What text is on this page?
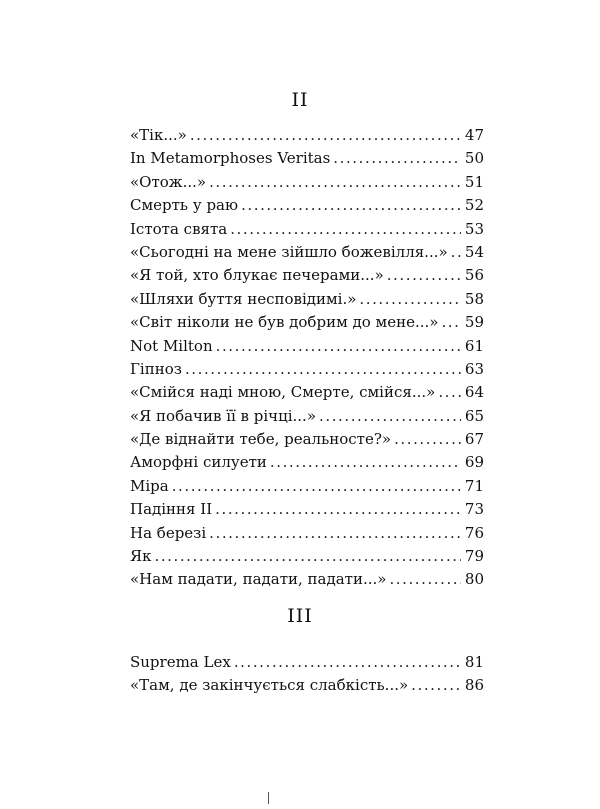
II
«Тік...» . . .	47
In Metamorphoses Veritas . . .	50
«Отож...» . . .	51
Смерть у раю . . .	52
Істота свята . . .	53
«Сьогодні на мене зійшло божевілля...» . . . 54
«Я той, хто блукає печерами...» . . .	56
«Шляхи буття несповідимі.» . . .	58
«Світ ніколи не був добрим до мене...» . . . 59
Not Milton . . .	61
Гіпноз . . .	63
«Смійся наді мною, Смерте, смійся...» . . . 64
«Я побачив її в річці...» . . .	65
«Де віднайти тебе, реальносте?» . . .	67
Аморфні силуети . . .	69
Міра . . .	71
Падіння II . . .	73
На березі . . .	76
Як . . .	79
«Нам падати, падати, падати...» . . .	80
III
Suprema Lex . . .	81
«Там, де закінчується слабкість...» . . .	86
